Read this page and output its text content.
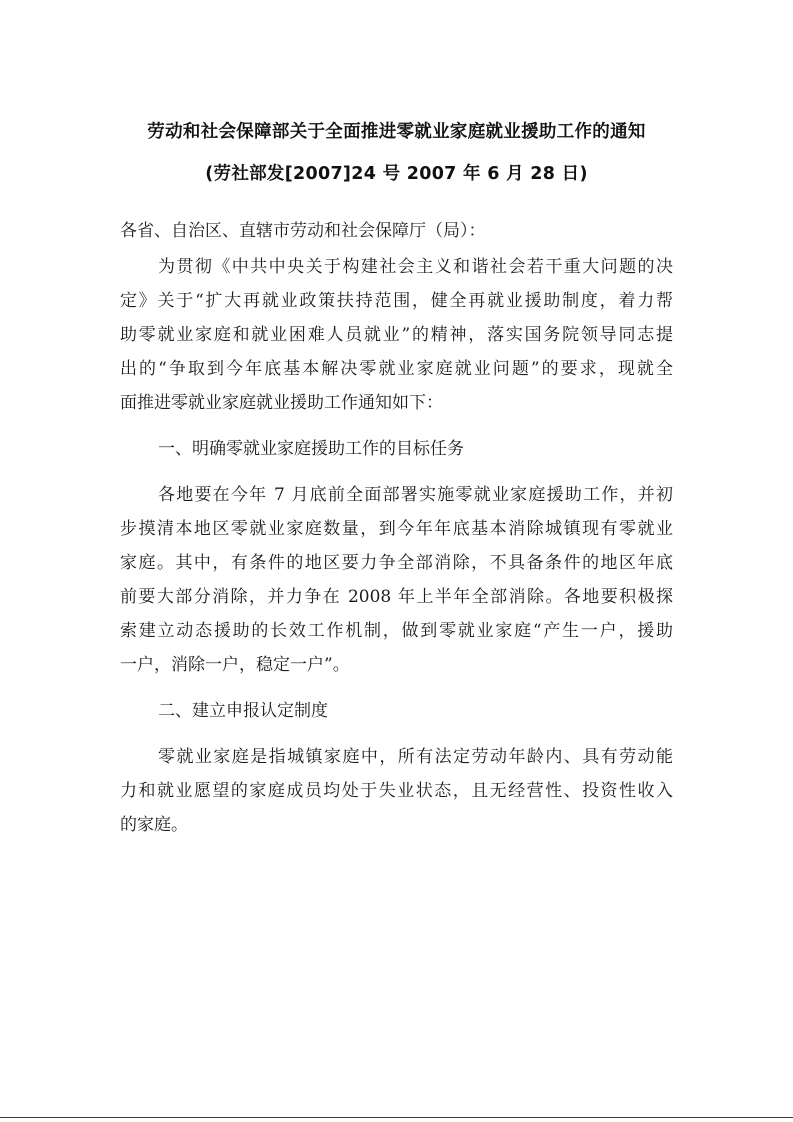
劳动和社会保障部关于全面推进零就业家庭就业援助工作的通知
(劳社部发[2007]24 号 2007 年 6 月 28 日)
各省、自治区、直辖市劳动和社会保障厅（局）：
为贯彻《中共中央关于构建社会主义和谐社会若干重大问题的决
定》关于“扩大再就业政策扶持范围，健全再就业援助制度，着力帮
助零就业家庭和就业困难人员就业”的精神，落实国务院领导同志提
出的“争取到今年底基本解决零就业家庭就业问题”的要求，现就全
面推进零就业家庭就业援助工作通知如下：
一、明确零就业家庭援助工作的目标任务
各地要在今年 7 月底前全面部署实施零就业家庭援助工作，并初
步摸清本地区零就业家庭数量，到今年年底基本消除城镇现有零就业
家庭。其中，有条件的地区要力争全部消除，不具备条件的地区年底
前要大部分消除，并力争在 2008 年上半年全部消除。各地要积极探
索建立动态援助的长效工作机制，做到零就业家庭“产生一户，援助
一户，消除一户，稳定一户”。
二、建立申报认定制度
零就业家庭是指城镇家庭中，所有法定劳动年龄内、具有劳动能
力和就业愿望的家庭成员均处于失业状态，且无经营性、投资性收入
的家庭。
